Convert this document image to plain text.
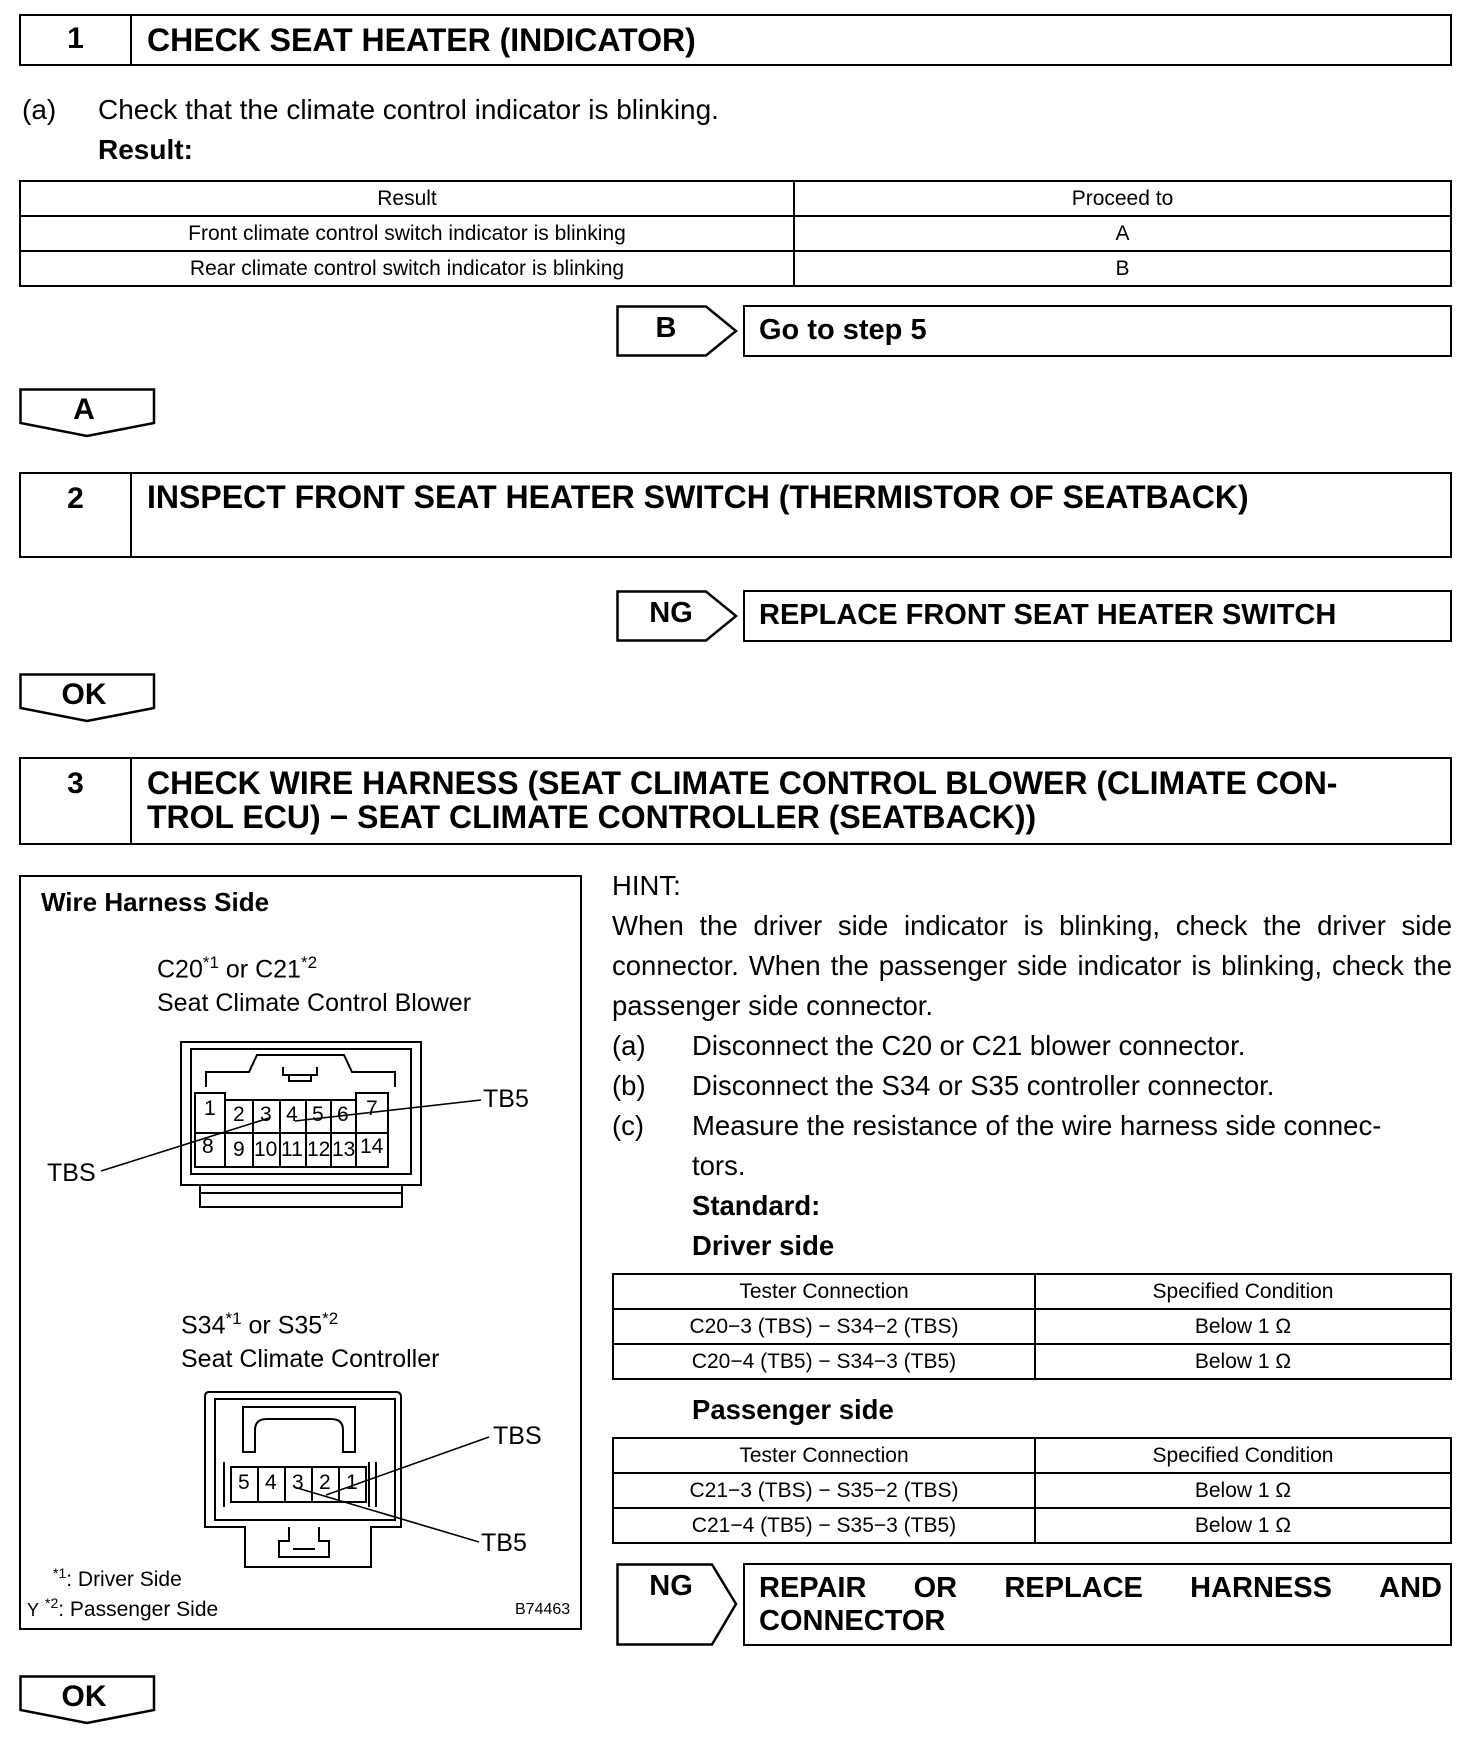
1	CHECK SEAT HEATER (INDICATOR)
(a) Check that the climate control indicator is blinking.
Result:
Result	Proceed to
Front climate control switch indicator is blinking	A
Rear climate control switch indicator is blinking	B
B	Go to step 5
A
2	INSPECT FRONT SEAT HEATER SWITCH (THERMISTOR OF SEATBACK)
NG	REPLACE FRONT SEAT HEATER SWITCH
OK
3	CHECK WIRE HARNESS (SEAT CLIMATE CONTROL BLOWER (CLIMATE CON-
TROL ECU) − SEAT CLIMATE CONTROLLER (SEATBACK))
Wire Harness Side
C20$^{*1}$ or C21$^{*2}$
Seat Climate Control Blower
1 2 3 4 5 6 7
8 9 10 11 12 13 14
TB5
TBS
S34$^{*1}$ or S35$^{*2}$
Seat Climate Controller
5 4 3 2 1
TBS
TB5
$^{*1}$: Driver Side
Y $^{*2}$: Passenger Side	B74463
HINT:
When the driver side indicator is blinking, check the driver side connector. When the passenger side indicator is blinking, check the passenger side connector.
(a) Disconnect the C20 or C21 blower connector.
(b) Disconnect the S34 or S35 controller connector.
(c) Measure the resistance of the wire harness side connec-
tors.
Standard:
Driver side
Tester Connection	Specified Condition
C20−3 (TBS) − S34−2 (TBS)	Below 1 Ω
C20−4 (TB5) − S34−3 (TB5)	Below 1 Ω
Passenger side
Tester Connection	Specified Condition
C21−3 (TBS) − S35−2 (TBS)	Below 1 Ω
C21−4 (TB5) − S35−3 (TB5)	Below 1 Ω
NG	REPAIR OR REPLACE HARNESS AND
CONNECTOR
OK
